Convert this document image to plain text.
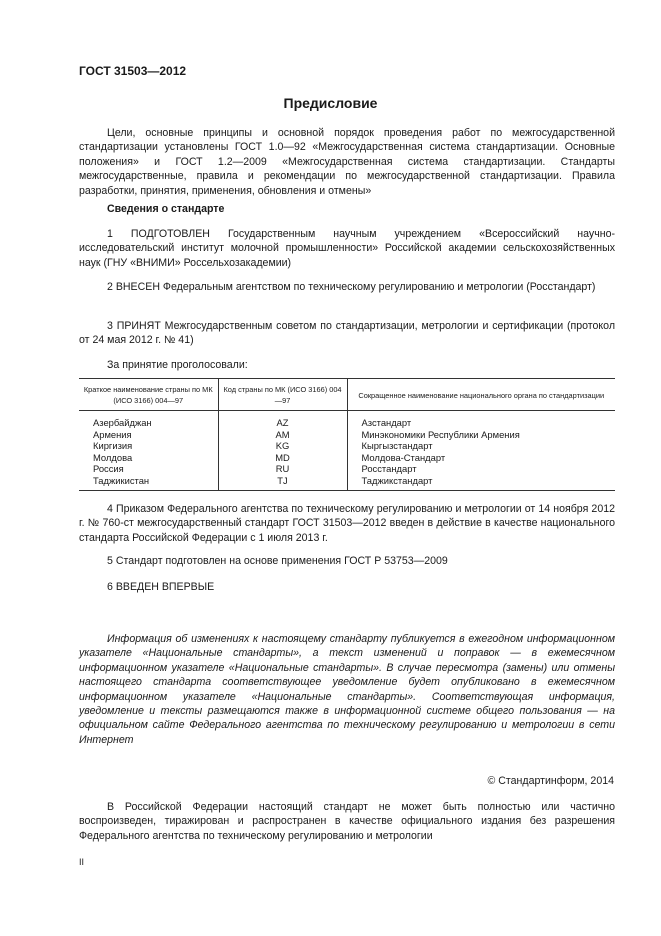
ГОСТ 31503—2012
Предисловие

Цели, основные принципы и основной порядок проведения работ по межгосударственной стандартизации установлены ГОСТ 1.0—92 «Межгосударственная система стандартизации. Основные положения» и ГОСТ 1.2—2009 «Межгосударственная система стандартизации. Стандарты межгосударственные, правила и рекомендации по межгосударственной стандартизации. Правила разработки, принятия, применения, обновления и отмены»

Сведения о стандарте

1 ПОДГОТОВЛЕН Государственным научным учреждением «Всероссийский научно-исследовательский институт молочной промышленности» Российской академии сельскохозяйственных наук (ГНУ «ВНИМИ» Россельхозакадемии)

2 ВНЕСЕН Федеральным агентством по техническому регулированию и метрологии (Росстандарт)

3 ПРИНЯТ Межгосударственным советом по стандартизации, метрологии и сертификации (протокол от 24 мая 2012 г. № 41)

За принятие проголосовали:
Краткое наименование страны по МК (ИСО 3166) 004—97	Код страны по МК (ИСО 3166) 004—97	Сокращенное наименование национального органа по стандартизации
Азербайджан	AZ	Азстандарт
Армения	AM	Минэкономики Республики Армения
Киргизия	KG	Кыргызстандарт
Молдова	MD	Молдова-Стандарт
Россия	RU	Росстандарт
Таджикистан	TJ	Таджикстандарт

4 Приказом Федерального агентства по техническому регулированию и метрологии от 14 ноября 2012 г. № 760-ст межгосударственный стандарт ГОСТ 31503—2012 введен в действие в качестве национального стандарта Российской Федерации с 1 июля 2013 г.

5 Стандарт подготовлен на основе применения ГОСТ Р 53753—2009

6 ВВЕДЕН ВПЕРВЫЕ

Информация об изменениях к настоящему стандарту публикуется в ежегодном информационном указателе «Национальные стандарты», а текст изменений и поправок — в ежемесячном информационном указателе «Национальные стандарты». В случае пересмотра (замены) или отмены настоящего стандарта соответствующее уведомление будет опубликовано в ежемесячном информационном указателе «Национальные стандарты». Соответствующая информация, уведомление и тексты размещаются также в информационной системе общего пользования — на официальном сайте Федерального агентства по техническому регулированию и метрологии в сети Интернет

© Стандартинформ, 2014

В Российской Федерации настоящий стандарт не может быть полностью или частично воспроизведен, тиражирован и распространен в качестве официального издания без разрешения Федерального агентства по техническому регулированию и метрологии

II
